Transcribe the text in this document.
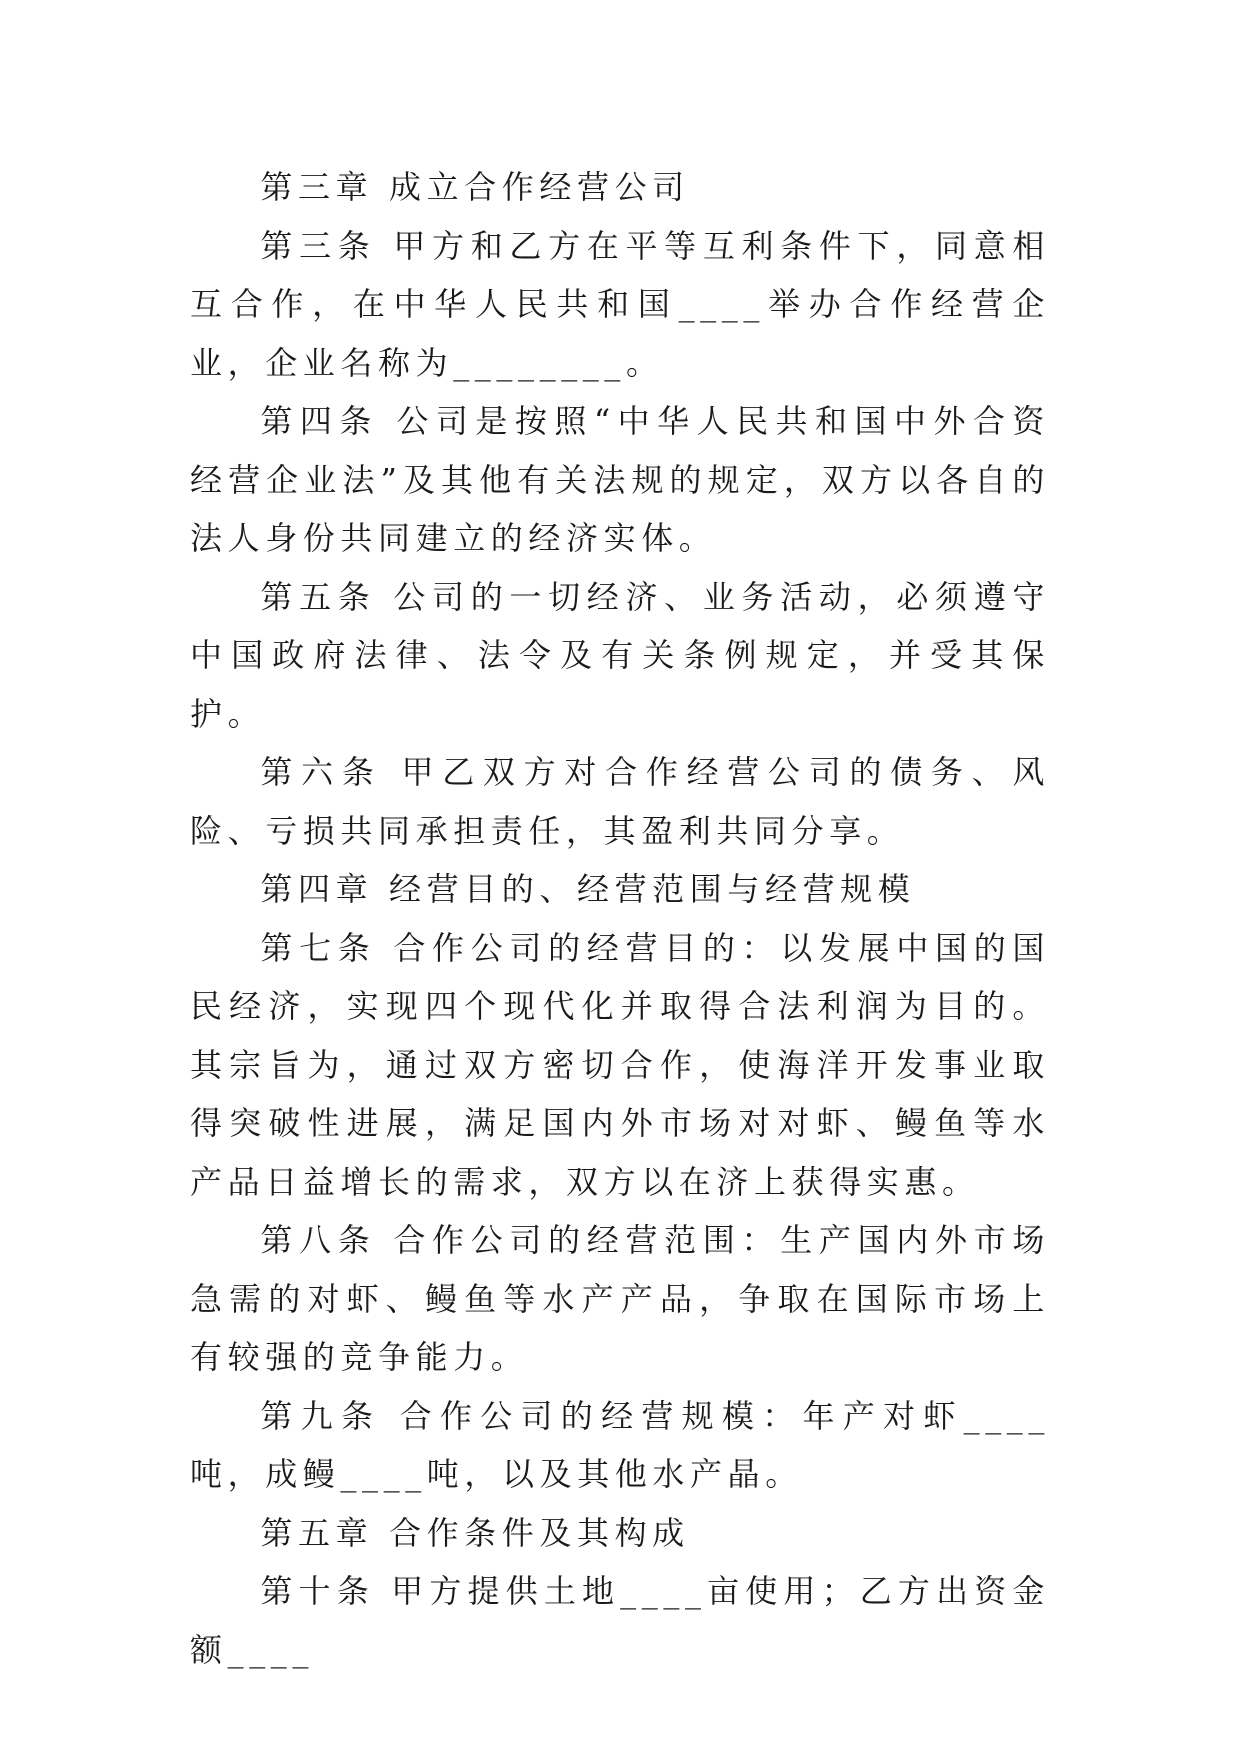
第三章 成立合作经营公司

第三条 甲方和乙方在平等互利条件下，同意相互合作，在中华人民共和国____举办合作经营企业，企业名称为________。

第四条 公司是按照“中华人民共和国中外合资经营企业法”及其他有关法规的规定，双方以各自的法人身份共同建立的经济实体。

第五条 公司的一切经济、业务活动，必须遵守中国政府法律、法令及有关条例规定，并受其保护。

第六条 甲乙双方对合作经营公司的债务、风险、亏损共同承担责任，其盈利共同分享。

第四章 经营目的、经营范围与经营规模

第七条 合作公司的经营目的：以发展中国的国民经济，实现四个现代化并取得合法利润为目的。其宗旨为，通过双方密切合作，使海洋开发事业取得突破性进展，满足国内外市场对对虾、鳗鱼等水产品日益增长的需求，双方以在济上获得实惠。

第八条 合作公司的经营范围：生产国内外市场急需的对虾、鳗鱼等水产产品，争取在国际市场上有较强的竞争能力。

第九条 合作公司的经营规模：年产对虾____吨，成鳗____吨，以及其他水产晶。

第五章 合作条件及其构成

第十条 甲方提供土地____亩使用；乙方出资金额____
